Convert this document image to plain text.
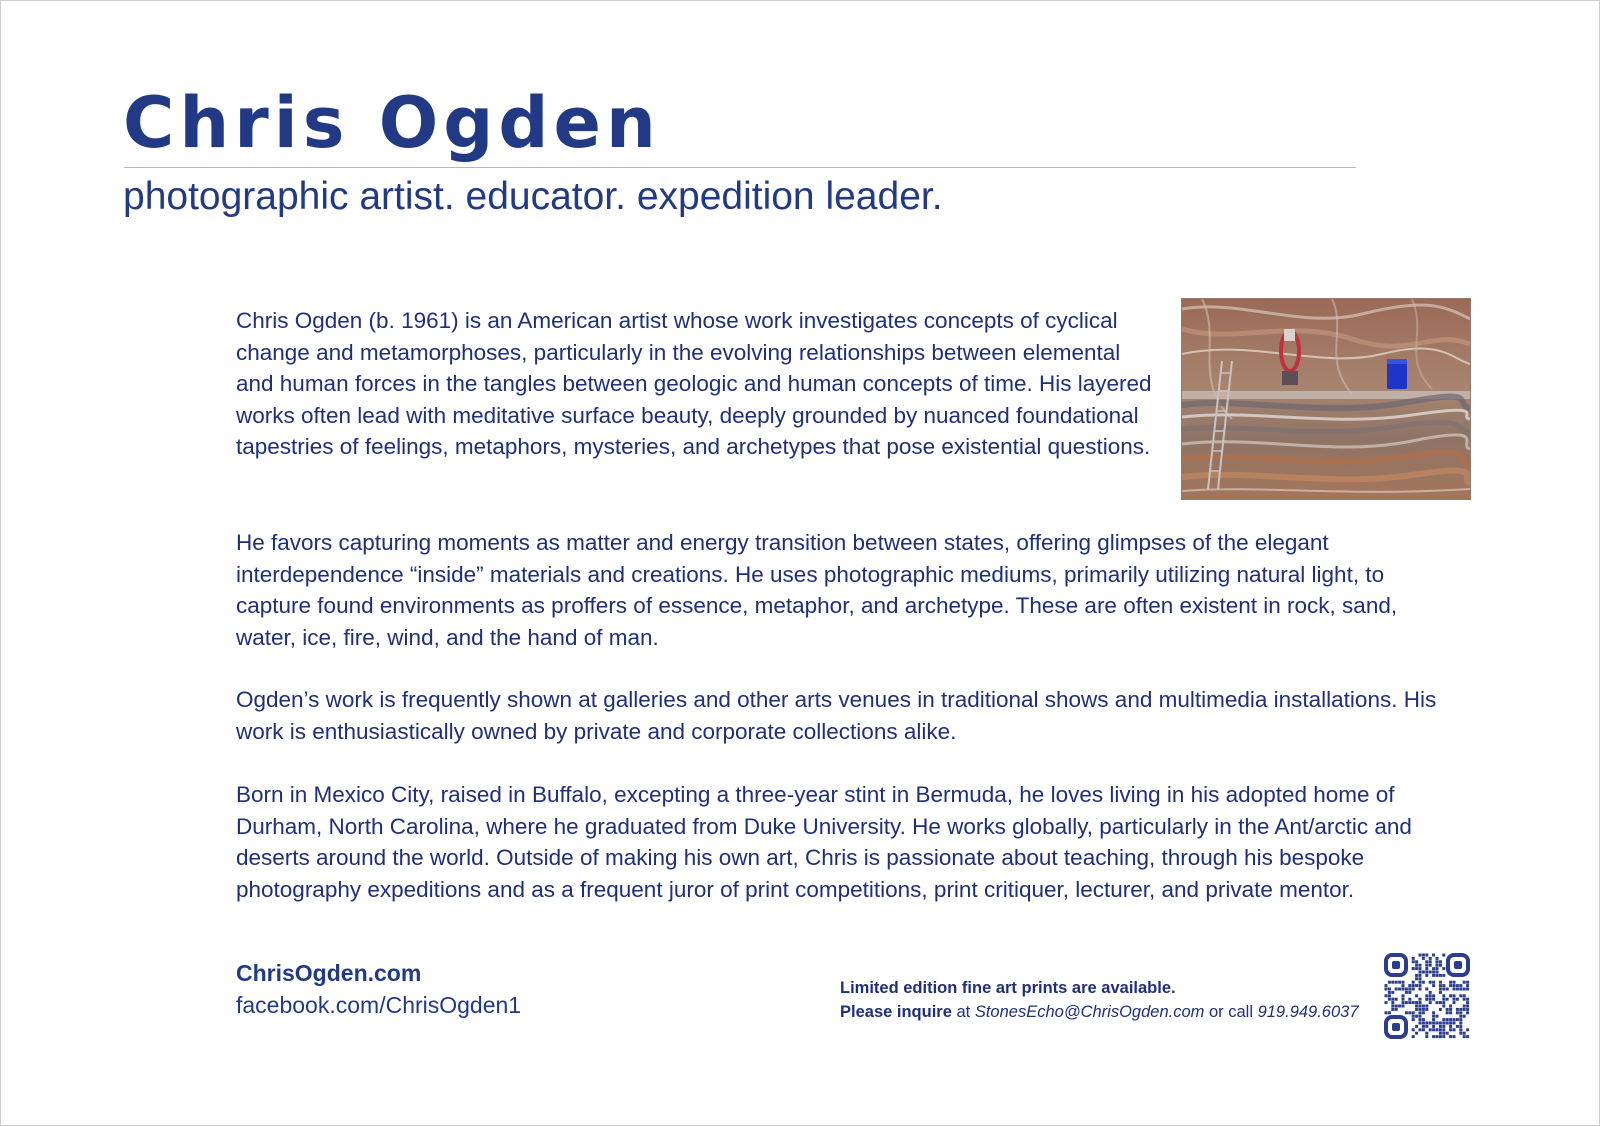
Chris Ogden
photographic artist. educator. expedition leader.

Chris Ogden (b. 1961) is an American artist whose work investigates concepts of cyclical change and metamorphoses, particularly in the evolving relationships between elemental and human forces in the tangles between geologic and human concepts of time. His layered works often lead with meditative surface beauty, deeply grounded by nuanced foundational tapestries of feelings, metaphors, mysteries, and archetypes that pose existential questions.

He favors capturing moments as matter and energy transition between states, offering glimpses of the elegant interdependence “inside” materials and creations. He uses photographic mediums, primarily utilizing natural light, to capture found environments as proffers of essence, metaphor, and archetype. These are often existent in rock, sand, water, ice, fire, wind, and the hand of man.

Ogden’s work is frequently shown at galleries and other arts venues in traditional shows and multimedia installations. His work is enthusiastically owned by private and corporate collections alike.

Born in Mexico City, raised in Buffalo, excepting a three-year stint in Bermuda, he loves living in his adopted home of Durham, North Carolina, where he graduated from Duke University. He works globally, particularly in the Ant/arctic and deserts around the world. Outside of making his own art, Chris is passionate about teaching, through his bespoke photography expeditions and as a frequent juror of print competitions, print critiquer, lecturer, and private mentor.

ChrisOgden.com
facebook.com/ChrisOgden1
Limited edition fine art prints are available.
Please inquire at StonesEcho@ChrisOgden.com or call 919.949.6037
